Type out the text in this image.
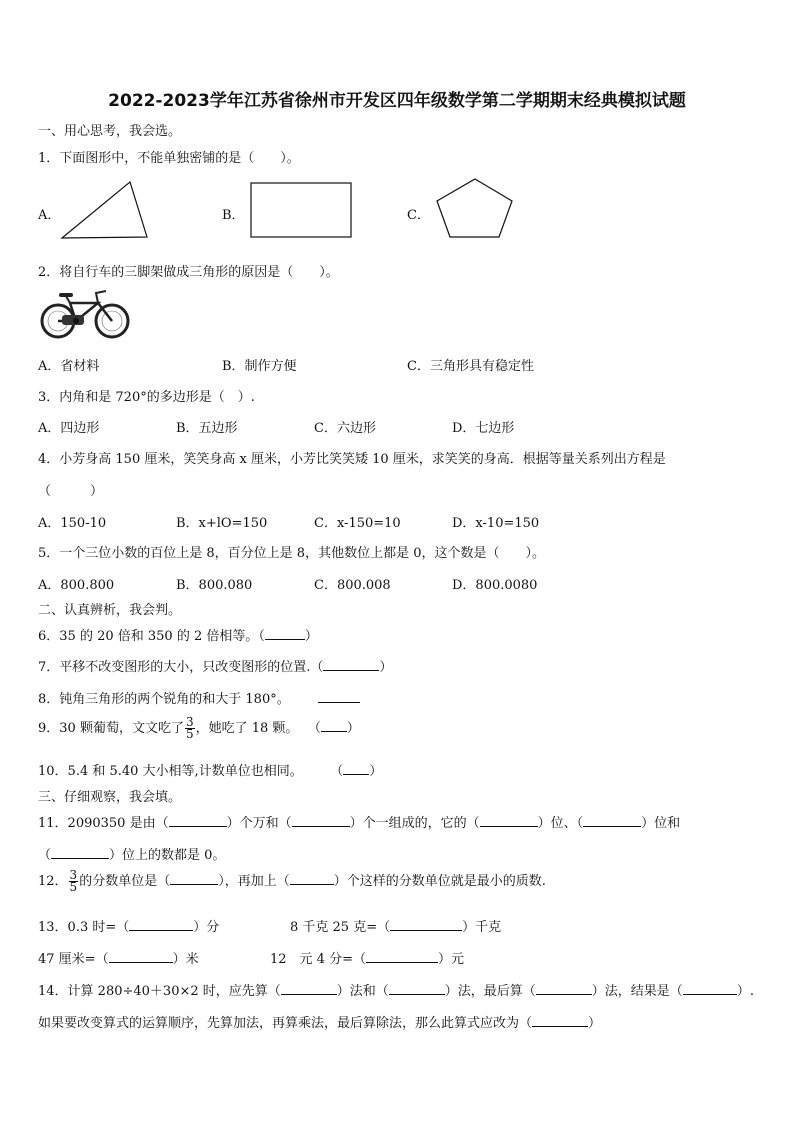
2022-2023学年江苏省徐州市开发区四年级数学第二学期期末经典模拟试题
一、用心思考，我会选。
1．下面图形中，不能单独密铺的是（　　）。
A．	B．	C．
2．将自行车的三脚架做成三角形的原因是（　　）。
A．省材料	B．制作方便	C．三角形具有稳定性
3．内角和是 720°的多边形是（　）.
A．四边形	B．五边形	C．六边形	D．七边形
4．小芳身高 150 厘米，笑笑身高 x 厘米，小芳比笑笑矮 10 厘米，求笑笑的身高．根据等量关系列出方程是
（　　　）
A．150-10	B．x+lO=150	C．x-150=10	D．x-10=150
5．一个三位小数的百位上是 8，百分位上是 8，其他数位上都是 0，这个数是（　　）。
A．800.800	B．800.080	C．800.008	D．800.0080
二、认真辨析，我会判。
6．35 的 20 倍和 350 的 2 倍相等。（	）
7．平移不改变图形的大小，只改变图形的位置.（	）
8．钝角三角形的两个锐角的和大于 180°。
9．30 颗葡萄，文文吃了 $\frac{3}{5}$ ，她吃了 18 颗。 （ ）
10．5.4 和 5.40 大小相等,计数单位也相同。	（ ）
三、仔细观察，我会填。
11．2090350 是由（	）个万和（	）个一组成的，它的（	）位、（	）位和
（	）位上的数都是 0。
12． $\frac{3}{5}$ 的分数单位是（	），再加上（	）个这样的分数单位就是最小的质数.
13．0.3 时=（	）分	8 千克 25 克=（	）千克
47 厘米=（	）米	12　元 4 分=（	）元
14．计算 280÷40＋30×2 时，应先算（	）法和（	）法，最后算（	）法，结果是（	）.
如果要改变算式的运算顺序，先算加法，再算乘法，最后算除法，那么此算式应改为（	）
